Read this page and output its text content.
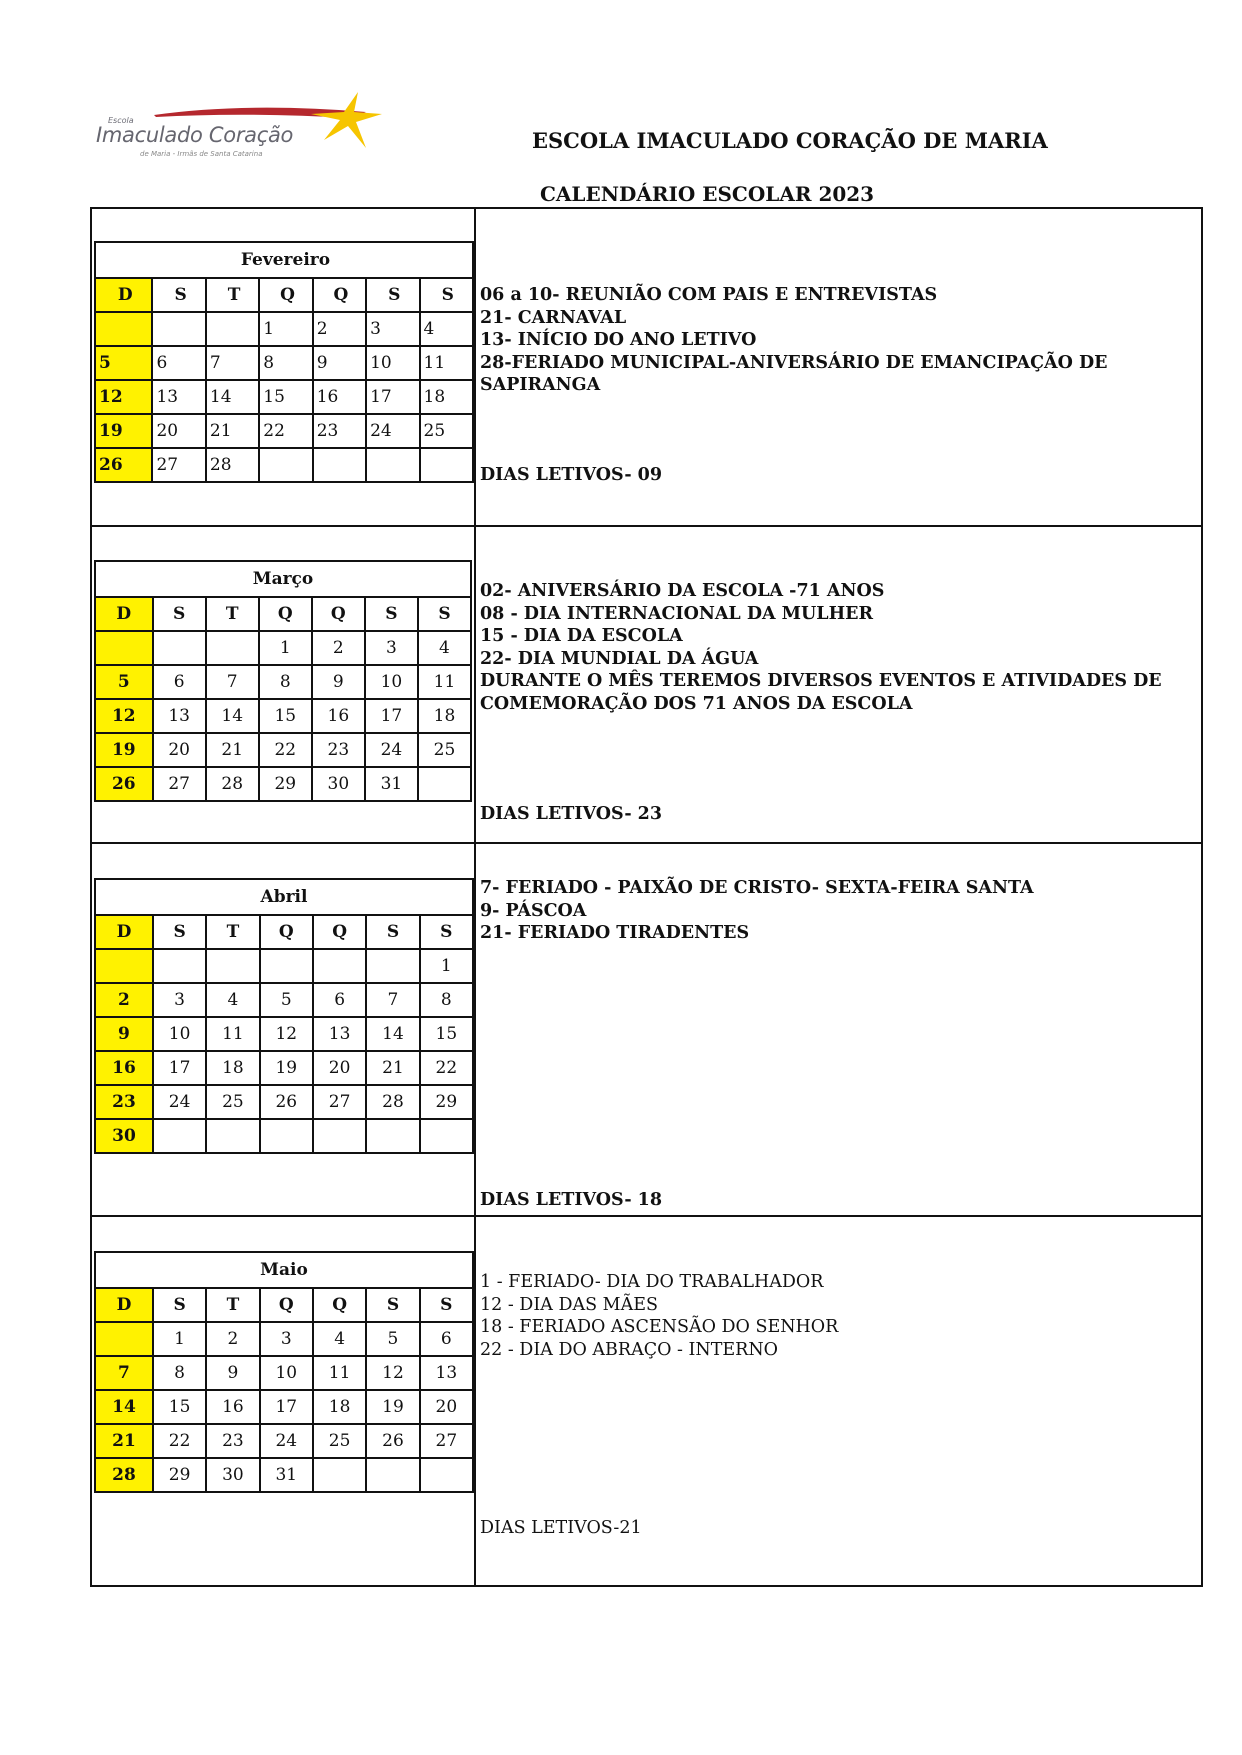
Escola
Imaculado Coração
de Maria - Irmãs de Santa Catarina
ESCOLA IMACULADO CORAÇÃO DE MARIA
CALENDÁRIO ESCOLAR 2023
Fevereiro						
D	S	T	Q	Q	S	S
			1	2	3	4
5	6	7	8	9	10	11
12	13	14	15	16	17	18
19	20	21	22	23	24	25
26	27	28				
Março						
D	S	T	Q	Q	S	S
			1	2	3	4
5	6	7	8	9	10	11
12	13	14	15	16	17	18
19	20	21	22	23	24	25
26	27	28	29	30	31	
Abril						
D	S	T	Q	Q	S	S
						1
2	3	4	5	6	7	8
9	10	11	12	13	14	15
16	17	18	19	20	21	22
23	24	25	26	27	28	29
30						
Maio						
D	S	T	Q	Q	S	S
	1	2	3	4	5	6
7	8	9	10	11	12	13
14	15	16	17	18	19	20
21	22	23	24	25	26	27
28	29	30	31			
06 a 10- REUNIÃO COM PAIS E ENTREVISTAS
21- CARNAVAL
13- INÍCIO DO ANO LETIVO
28-FERIADO MUNICIPAL-ANIVERSÁRIO DE EMANCIPAÇÃO DE SAPIRANGA
DIAS LETIVOS- 09
02- ANIVERSÁRIO DA ESCOLA -71 ANOS
08 - DIA INTERNACIONAL DA MULHER
15 - DIA DA ESCOLA
22- DIA MUNDIAL DA ÁGUA
DURANTE O MÊS TEREMOS DIVERSOS EVENTOS E ATIVIDADES DE COMEMORAÇÃO DOS 71 ANOS DA ESCOLA
DIAS LETIVOS- 23
7- FERIADO - PAIXÃO DE CRISTO- SEXTA-FEIRA SANTA
9- PÁSCOA
21- FERIADO TIRADENTES
DIAS LETIVOS- 18
1 - FERIADO- DIA DO TRABALHADOR
12 - DIA DAS MÃES
18 - FERIADO ASCENSÃO DO SENHOR
22 - DIA DO ABRAÇO - INTERNO
DIAS LETIVOS-21
